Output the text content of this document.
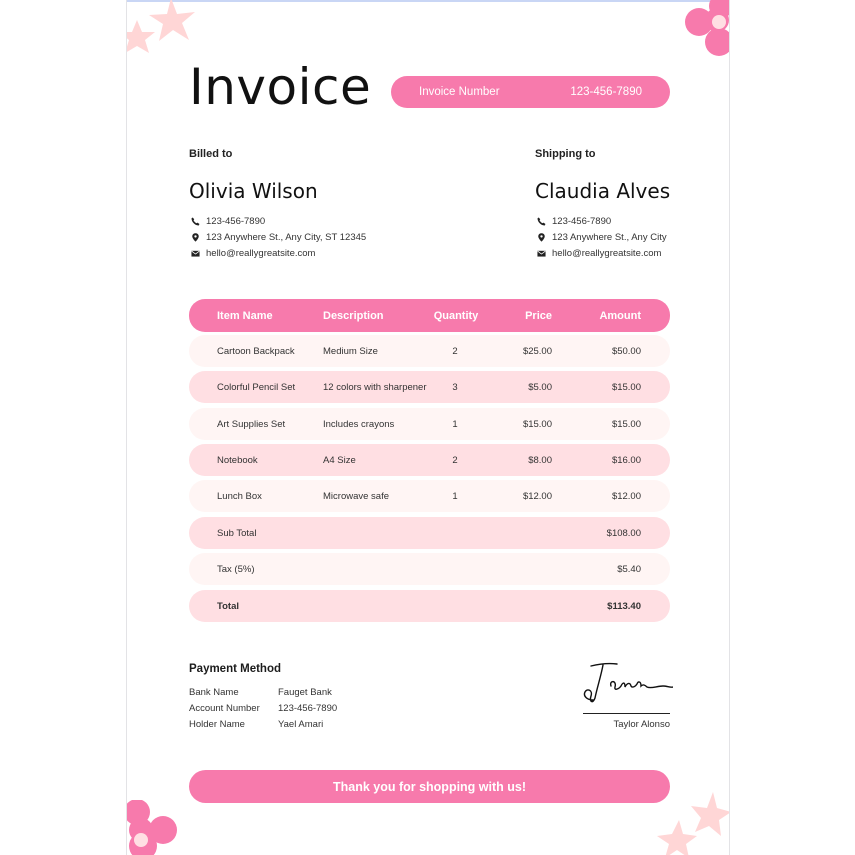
Invoice	Invoice Number	123-456-7890
Billed to
Olivia Wilson
123-456-7890
123 Anywhere St., Any City, ST 12345
hello@reallygreatsite.com
Shipping to
Claudia Alves
123-456-7890
123 Anywhere St., Any City
hello@reallygreatsite.com
Item Name	Description	Quantity	Price	Amount
Cartoon Backpack	Medium Size	2	$25.00	$50.00
Colorful Pencil Set	12 colors with sharpener	3	$5.00	$15.00
Art Supplies Set	Includes crayons	1	$15.00	$15.00
Notebook	A4 Size	2	$8.00	$16.00
Lunch Box	Microwave safe	1	$12.00	$12.00
Sub Total	$108.00
Tax (5%)	$5.40
Total	$113.40
Payment Method
Bank Name	Fauget Bank
Account Number 123-456-7890
Holder Name	Yael Amari	Taylor Alonso
Thank you for shopping with us!
